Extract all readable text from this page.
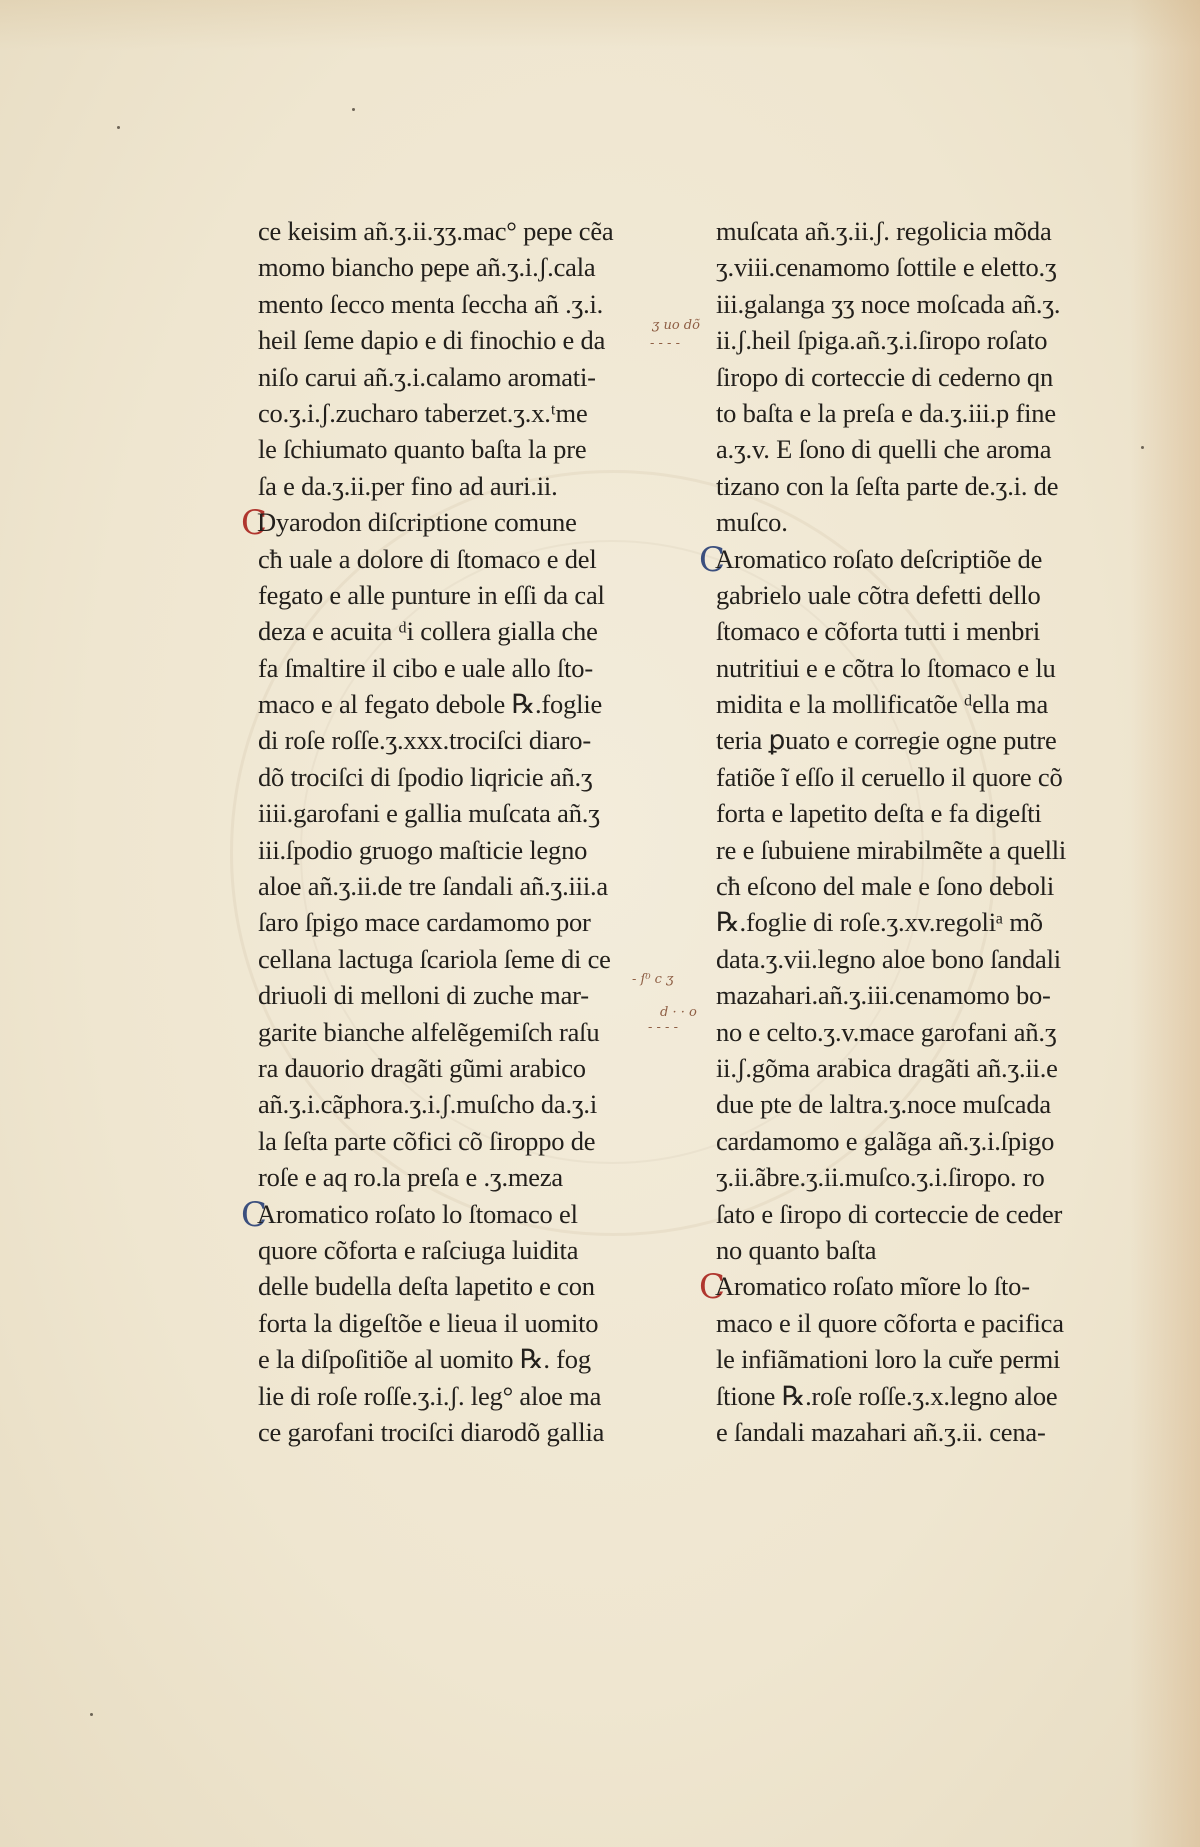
ce keisim añ.ʒ.ii.ʒʒ.mac° pepe cẽa
momo biancho pepe añ.ʒ.i.ʃ.cala
mento ſecco menta ſeccha añ .ʒ.i.
heil ſeme dapio e di finochio e da
niſo carui añ.ʒ.i.calamo aromati-
co.ʒ.i.ʃ.zucharo taberzet.ʒ.x.ᵗme
le ſchiumato quanto baſta la pre
ſa e da.ʒ.ii.per fino ad auri.ii.
CDyarodon diſcriptione comune
cħ uale a dolore di ſtomaco e del
fegato e alle punture in eſſi da cal
deza e acuita ᵈi collera gialla che
fa ſmaltire il cibo e uale allo ſto-
maco e al fegato debole ℞.foglie
di roſe roſſe.ʒ.xxx.trociſci diaro-
dõ trociſci di ſpodio liqricie añ.ʒ
iiii.garofani e gallia muſcata añ.ʒ
iii.ſpodio gruogo maſticie legno
aloe añ.ʒ.ii.de tre ſandali añ.ʒ.iii.a
ſaro ſpigo mace cardamomo por
cellana lactuga ſcariola ſeme di ce
driuoli di melloni di zuche mar-
garite bianche alfelẽgemiſch raſu
ra dauorio dragãti gũmi arabico
añ.ʒ.i.cãphora.ʒ.i.ʃ.muſcho da.ʒ.i
la ſeſta parte cõfici cõ ſiroppo de
roſe e aq ro.la preſa e .ʒ.meza
CAromatico roſato lo ſtomaco el
quore cõforta e raſciuga luidita
delle budella deſta lapetito e con
forta la digeſtõe e lieua il uomito
e la diſpoſitiõe al uomito ℞. fog
lie di roſe roſſe.ʒ.i.ʃ. leg° aloe ma
ce garofani trociſci diarodõ gallia
muſcata añ.ʒ.ii.ʃ. regolicia mõda
ʒ.viii.cenamomo ſottile e eletto.ʒ
iii.galanga ʒʒ noce moſcada añ.ʒ.
ii.ʃ.heil ſpiga.añ.ʒ.i.ſiropo roſato
ſiropo di corteccie di cederno qn
to baſta e la preſa e da.ʒ.iii.p fine
a.ʒ.v. E ſono di quelli che aroma
tizano con la ſeſta parte de.ʒ.i. de
muſco.
CAromatico roſato deſcriptiõe de
gabrielo uale cõtra defetti dello
ſtomaco e cõforta tutti i menbri
nutritiui e e cõtra lo ſtomaco e lu
midita e la mollificatõe ᵈella ma
teria ꝑuato e corregie ogne putre
fatiõe ĩ eſſo il ceruello il quore cõ
forta e lapetito deſta e fa digeſti
re e ſubuiene mirabilmẽte a quelli
cħ eſcono del male e ſono deboli
℞.foglie di roſe.ʒ.xv.regoliᵃ mõ
data.ʒ.vii.legno aloe bono ſandali
mazahari.añ.ʒ.iii.cenamomo bo-
no e celto.ʒ.v.mace garofani añ.ʒ
ii.ʃ.gõma arabica dragãti añ.ʒ.ii.e
due pte de laltra.ʒ.noce muſcada
cardamomo e galãga añ.ʒ.i.ſpigo
ʒ.ii.ãbre.ʒ.ii.muſco.ʒ.i.ſiropo. ro
ſato e ſiropo di corteccie de ceder
no quanto baſta
CAromatico roſato mĩore lo ſto-
maco e il quore cõforta e pacifica
le infiãmationi loro la cuře permi
ſtione ℞.roſe roſſe.ʒ.x.legno aloe
e ſandali mazahari añ.ʒ.ii. cena-
ʒ uo dõ
- - - -
- ſ⁰ c ʒ
d · · o
- - - -
